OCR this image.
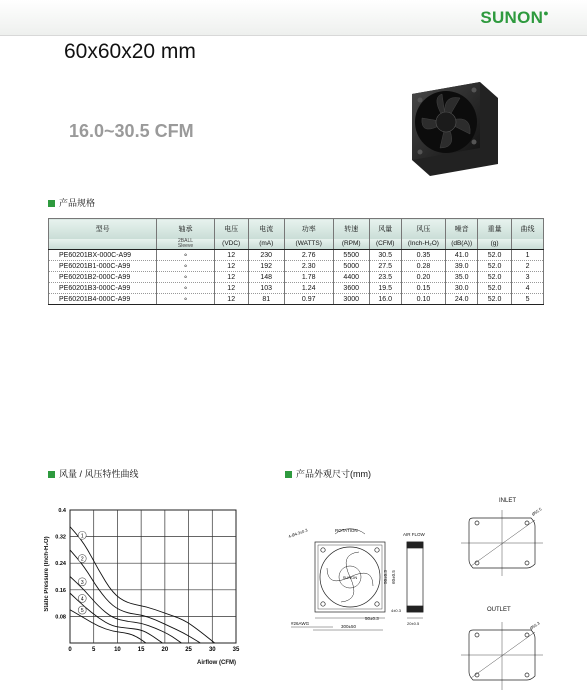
SUNON●
60x60x20 mm
16.0~30.5 CFM
产品规格
型号	轴承	电压	电流	功率	转速	风量	风压	噪音	重量	曲线

	2BALL
Sleeve	(VDC)	(mA)	(WATTS)	(RPM)	(CFM)	(Inch-H₂O)	(dB(A))	(g)	
PE60201BX-000C-A99	∘	12	230	2.76	5500	30.5	0.35	41.0	52.0	1
PE60201B1-000C-A99	∘	12	192	2.30	5000	27.5	0.28	39.0	52.0	2
PE60201B2-000C-A99	∘	12	148	1.78	4400	23.5	0.20	35.0	52.0	3
PE60201B3-000C-A99	∘	12	103	1.24	3600	19.5	0.15	30.0	52.0	4
PE60201B4-000C-A99	∘	12	81	0.97	3000	16.0	0.10	24.0	52.0	5
风量 / 风压特性曲线	产品外观尺寸(mm)
1
2
3
4
5
0	5	10	15	20	25	30	35
0.08
0.16
0.24
0.32
0.4
Static Pressure (Inch-H₂O)
Airflow (CFM)
SUNON
ROTATION
4-Ø4.3±0.3
#26AWG
300±50
50±0.3 60±0.5
50±0.3
AIR FLOW
4±0.3
20±0.5
INLET
Ø55.5
OUTLET
Ø56.3
